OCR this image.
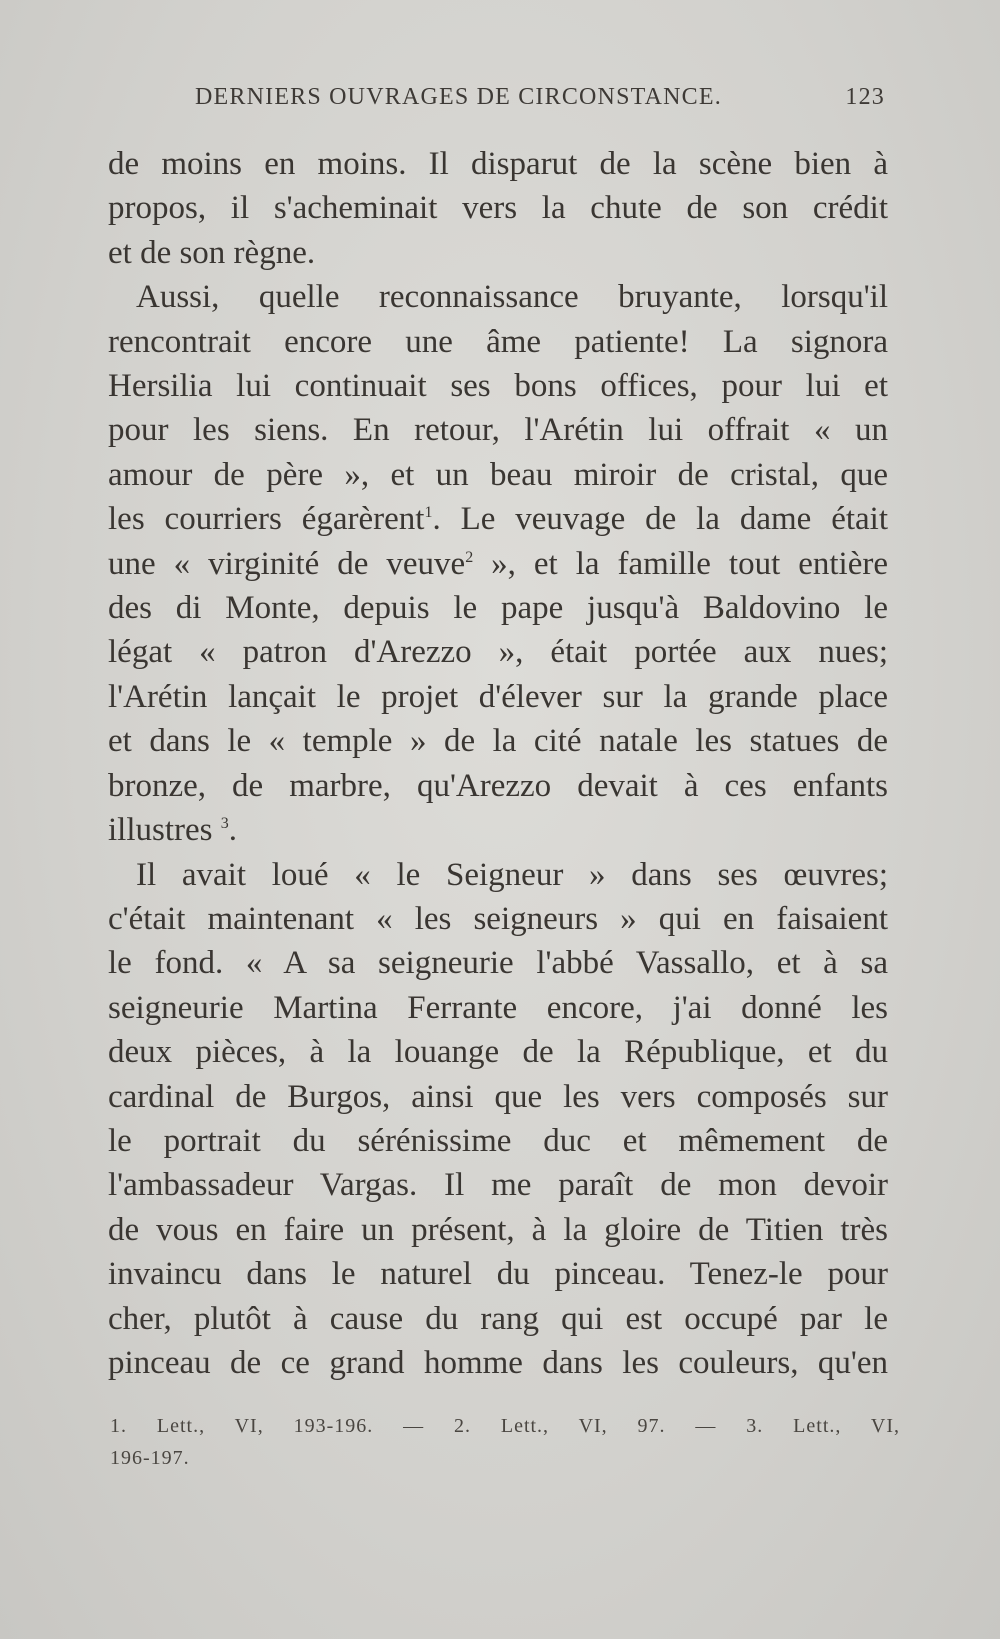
DERNIERS OUVRAGES DE CIRCONSTANCE.	123

de moins en moins. Il disparut de la scène bien à

propos, il s'acheminait vers la chute de son crédit

et de son règne.

Aussi, quelle reconnaissance bruyante, lorsqu'il

rencontrait encore une âme patiente! La signora

Hersilia lui continuait ses bons offices, pour lui et

pour les siens. En retour, l'Arétin lui offrait « un

amour de père », et un beau miroir de cristal, que

les courriers égarèrent$^1$. Le veuvage de la dame était

une « virginité de veuve$^2$ », et la famille tout entière

des di Monte, depuis le pape jusqu'à Baldovino le

légat « patron d'Arezzo », était portée aux nues;

l'Arétin lançait le projet d'élever sur la grande place

et dans le « temple » de la cité natale les statues de

bronze, de marbre, qu'Arezzo devait à ces enfants

illustres $^3$.

Il avait loué « le Seigneur » dans ses œuvres;

c'était maintenant « les seigneurs » qui en faisaient

le fond. « A sa seigneurie l'abbé Vassallo, et à sa

seigneurie Martina Ferrante encore, j'ai donné les

deux pièces, à la louange de la République, et du

cardinal de Burgos, ainsi que les vers composés sur

le portrait du sérénissime duc et mêmement de

l'ambassadeur Vargas. Il me paraît de mon devoir

de vous en faire un présent, à la gloire de Titien très

invaincu dans le naturel du pinceau. Tenez-le pour

cher, plutôt à cause du rang qui est occupé par le

pinceau de ce grand homme dans les couleurs, qu'en

1. Lett., VI, 193-196. — 2. Lett., VI, 97. — 3. Lett., VI,
196-197.
